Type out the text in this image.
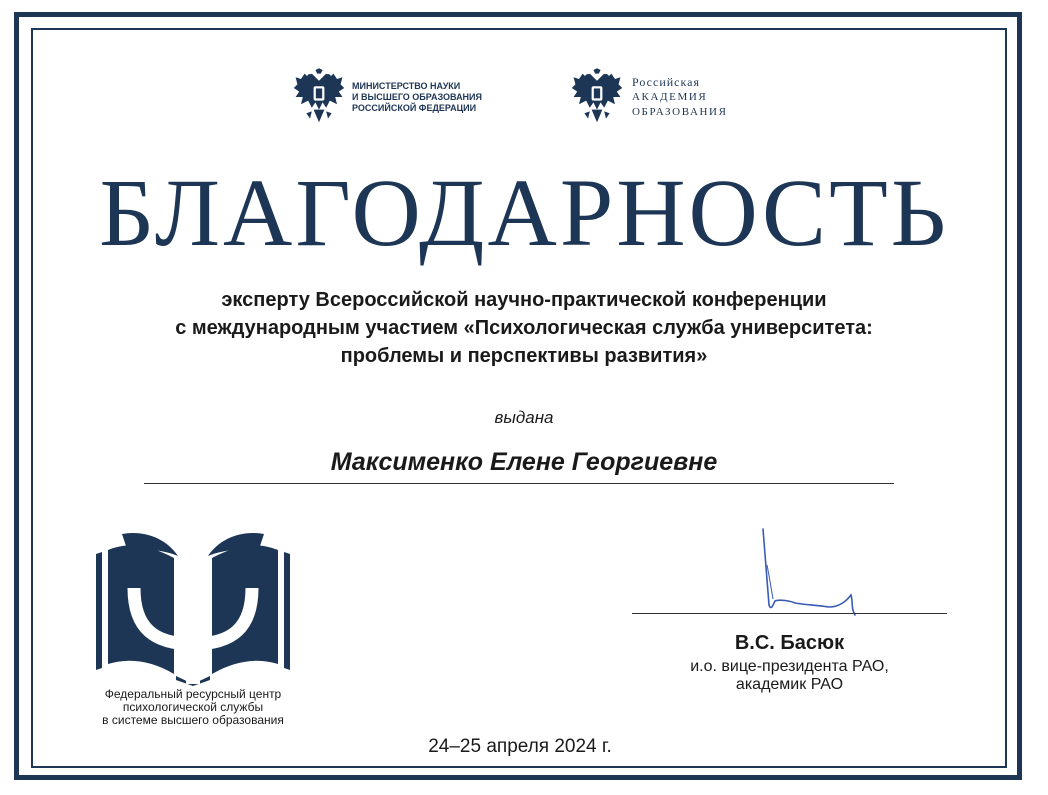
МИНИСТЕРСТВО НАУКИ
И ВЫСШЕГО ОБРАЗОВАНИЯ
РОССИЙСКОЙ ФЕДЕРАЦИИ
Российская
АКАДЕМИЯ
ОБРАЗОВАНИЯ
БЛАГОДАРНОСТЬ
эксперту Всероссийской научно-практической конференции
с международным участием «Психологическая служба университета:
проблемы и перспективы развития»
выдана
Максименко Елене Георгиевне
Федеральный ресурсный центр
психологической службы
в системе высшего образования
В.С. Басюк
и.о. вице-президента РАО,
академик РАО
24–25 апреля 2024 г.
